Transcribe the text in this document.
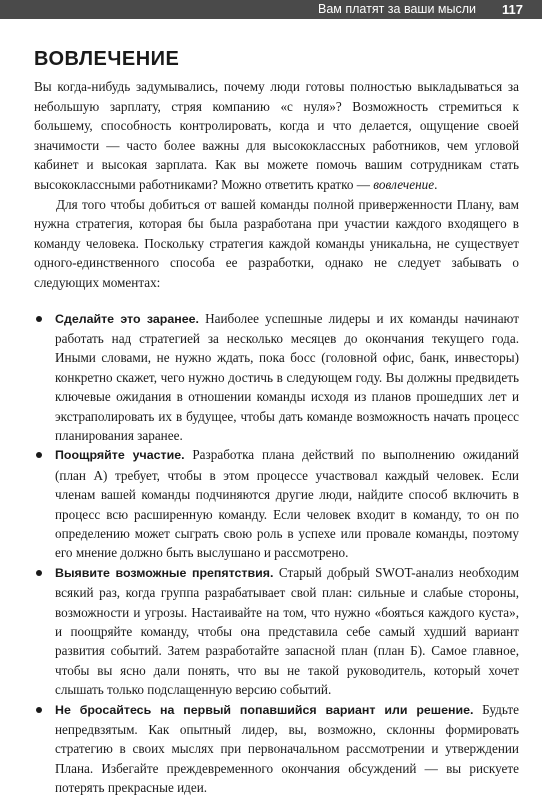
Вам платят за ваши мысли 117
ВОВЛЕЧЕНИЕ

Вы когда-нибудь задумывались, почему люди готовы полностью выкладываться за небольшую зарплату, стряя компанию «с нуля»? Возможность стремиться к большему, способность контролировать, когда и что делается, ощущение своей значимости — часто более важны для высококлассных работников, чем угловой кабинет и высокая зарплата. Как вы можете помочь вашим сотрудникам стать высококлассными работниками? Можно ответить кратко — вовлечение.

Для того чтобы добиться от вашей команды полной приверженности Плану, вам нужна стратегия, которая бы была разработана при участии каждого входящего в команду человека. Поскольку стратегия каждой команды уникальна, не существует одного-единственного способа ее разработки, однако не следует забывать о следующих моментах:

Сделайте это заранее. Наиболее успешные лидеры и их команды начинают работать над стратегией за несколько месяцев до окончания текущего года. Иными словами, не нужно ждать, пока босс (головной офис, банк, инвесторы) конкретно скажет, чего нужно достичь в следующем году. Вы должны предвидеть ключевые ожидания в отношении команды исходя из планов прошедших лет и экстраполировать их в будущее, чтобы дать команде возможность начать процесс планирования заранее.
Поощряйте участие. Разработка плана действий по выполнению ожиданий (план А) требует, чтобы в этом процессе участвовал каждый человек. Если членам вашей команды подчиняются другие люди, найдите способ включить в процесс всю расширенную команду. Если человек входит в команду, то он по определению может сыграть свою роль в успехе или провале команды, поэтому его мнение должно быть выслушано и рассмотрено.
Выявите возможные препятствия. Старый добрый SWOT-анализ необходим всякий раз, когда группа разрабатывает свой план: сильные и слабые стороны, возможности и угрозы. Настаивайте на том, что нужно «бояться каждого куста», и поощряйте команду, чтобы она представила себе самый худший вариант развития событий. Затем разработайте запасной план (план Б). Самое главное, чтобы вы ясно дали понять, что вы не такой руководитель, который хочет слышать только подслащенную версию событий.
Не бросайтесь на первый попавшийся вариант или решение. Будьте непредвзятым. Как опытный лидер, вы, возможно, склонны формировать стратегию в своих мыслях при первоначальном рассмотрении и утверждении Плана. Избегайте преждевременного окончания обсуждений — вы рискуете потерять прекрасные идеи.
